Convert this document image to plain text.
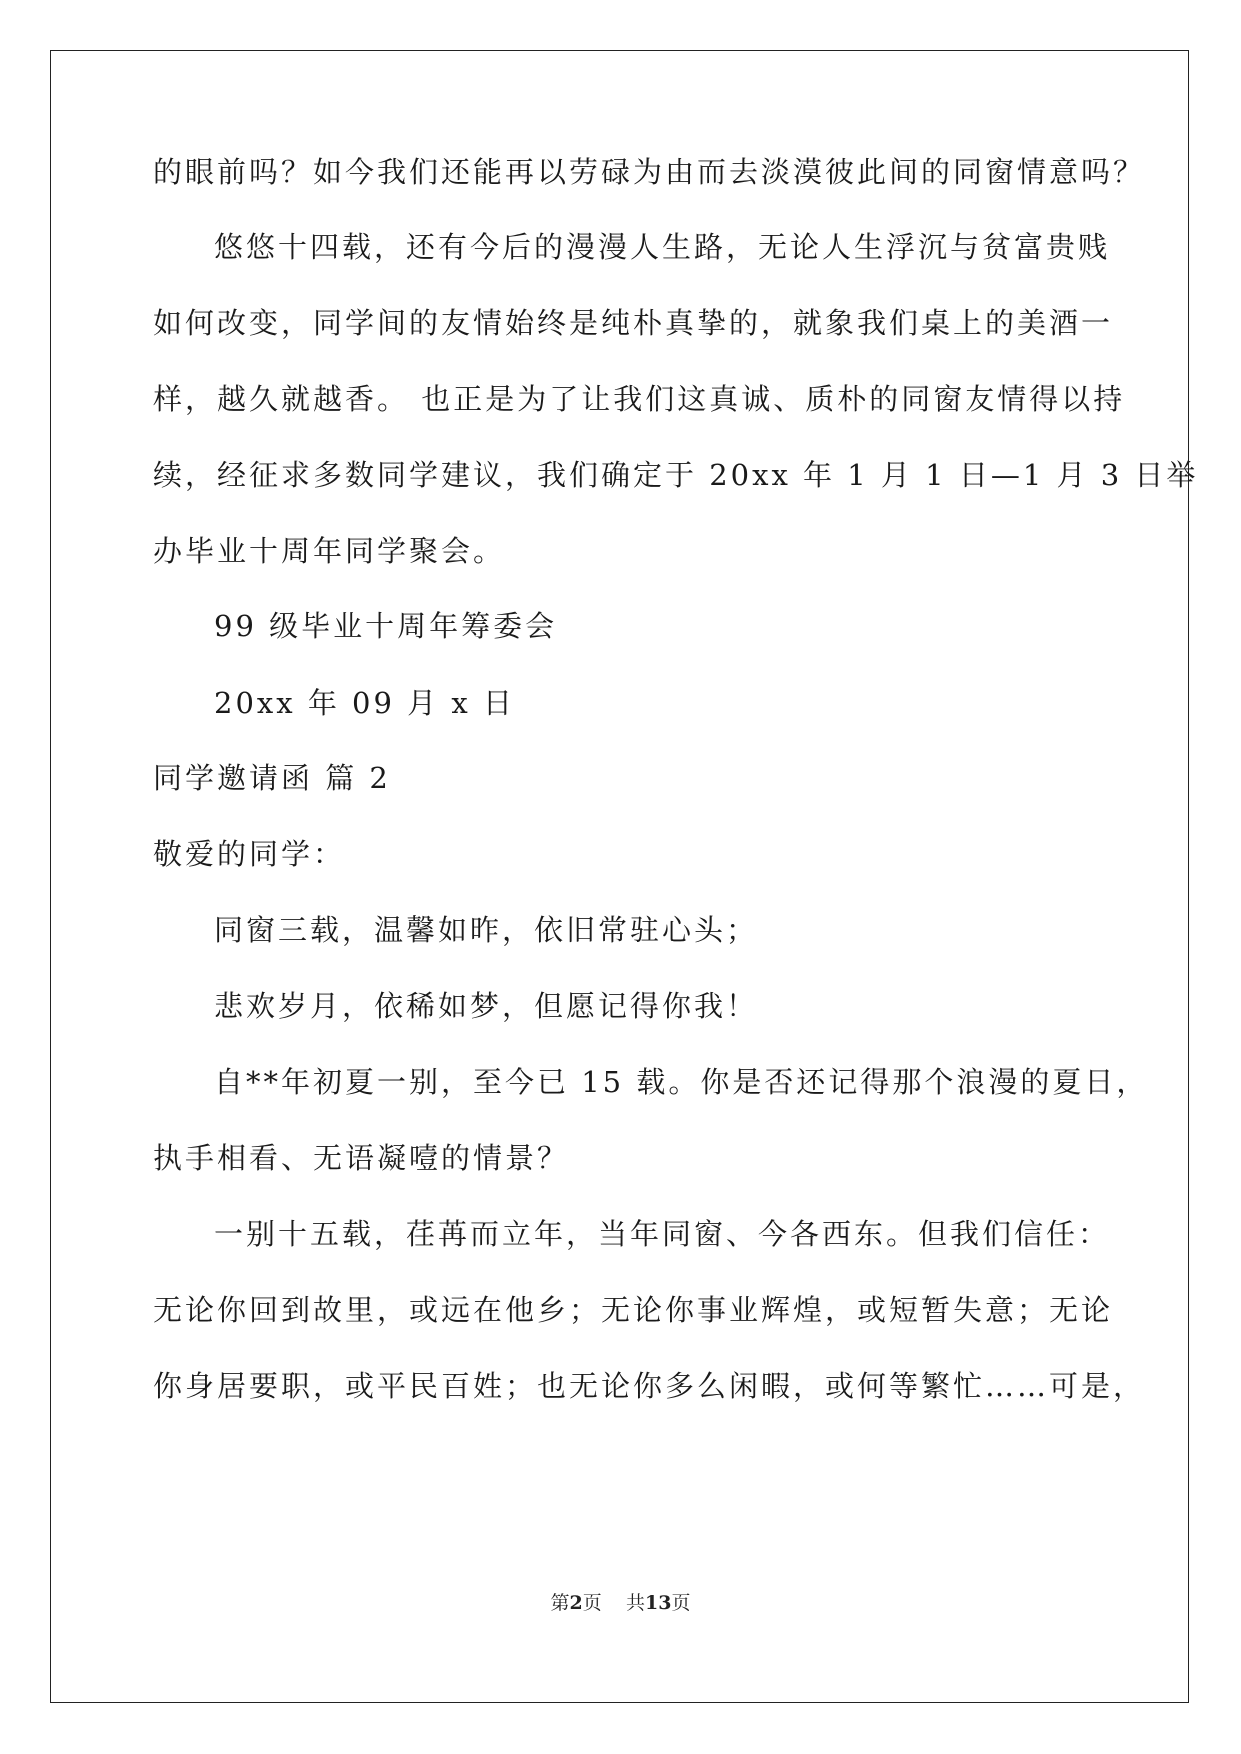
的眼前吗？如今我们还能再以劳碌为由而去淡漠彼此间的同窗情意吗？
悠悠十四载，还有今后的漫漫人生路，无论人生浮沉与贫富贵贱
如何改变，同学间的友情始终是纯朴真挚的，就象我们桌上的美酒一
样，越久就越香。 也正是为了让我们这真诚、质朴的同窗友情得以持
续，经征求多数同学建议，我们确定于 20xx 年 1 月 1 日—1 月 3 日举
办毕业十周年同学聚会。
99 级毕业十周年筹委会
20xx 年 09 月 x 日
同学邀请函 篇 2
敬爱的同学：
同窗三载，温馨如昨，依旧常驻心头；
悲欢岁月，依稀如梦，但愿记得你我！
自**年初夏一别，至今已 15 载。你是否还记得那个浪漫的夏日，
执手相看、无语凝噎的情景？
一别十五载，荏苒而立年，当年同窗、今各西东。但我们信任：
无论你回到故里，或远在他乡；无论你事业辉煌，或短暂失意；无论
你身居要职，或平民百姓；也无论你多么闲暇，或何等繁忙……可是，
第2页 共13页
